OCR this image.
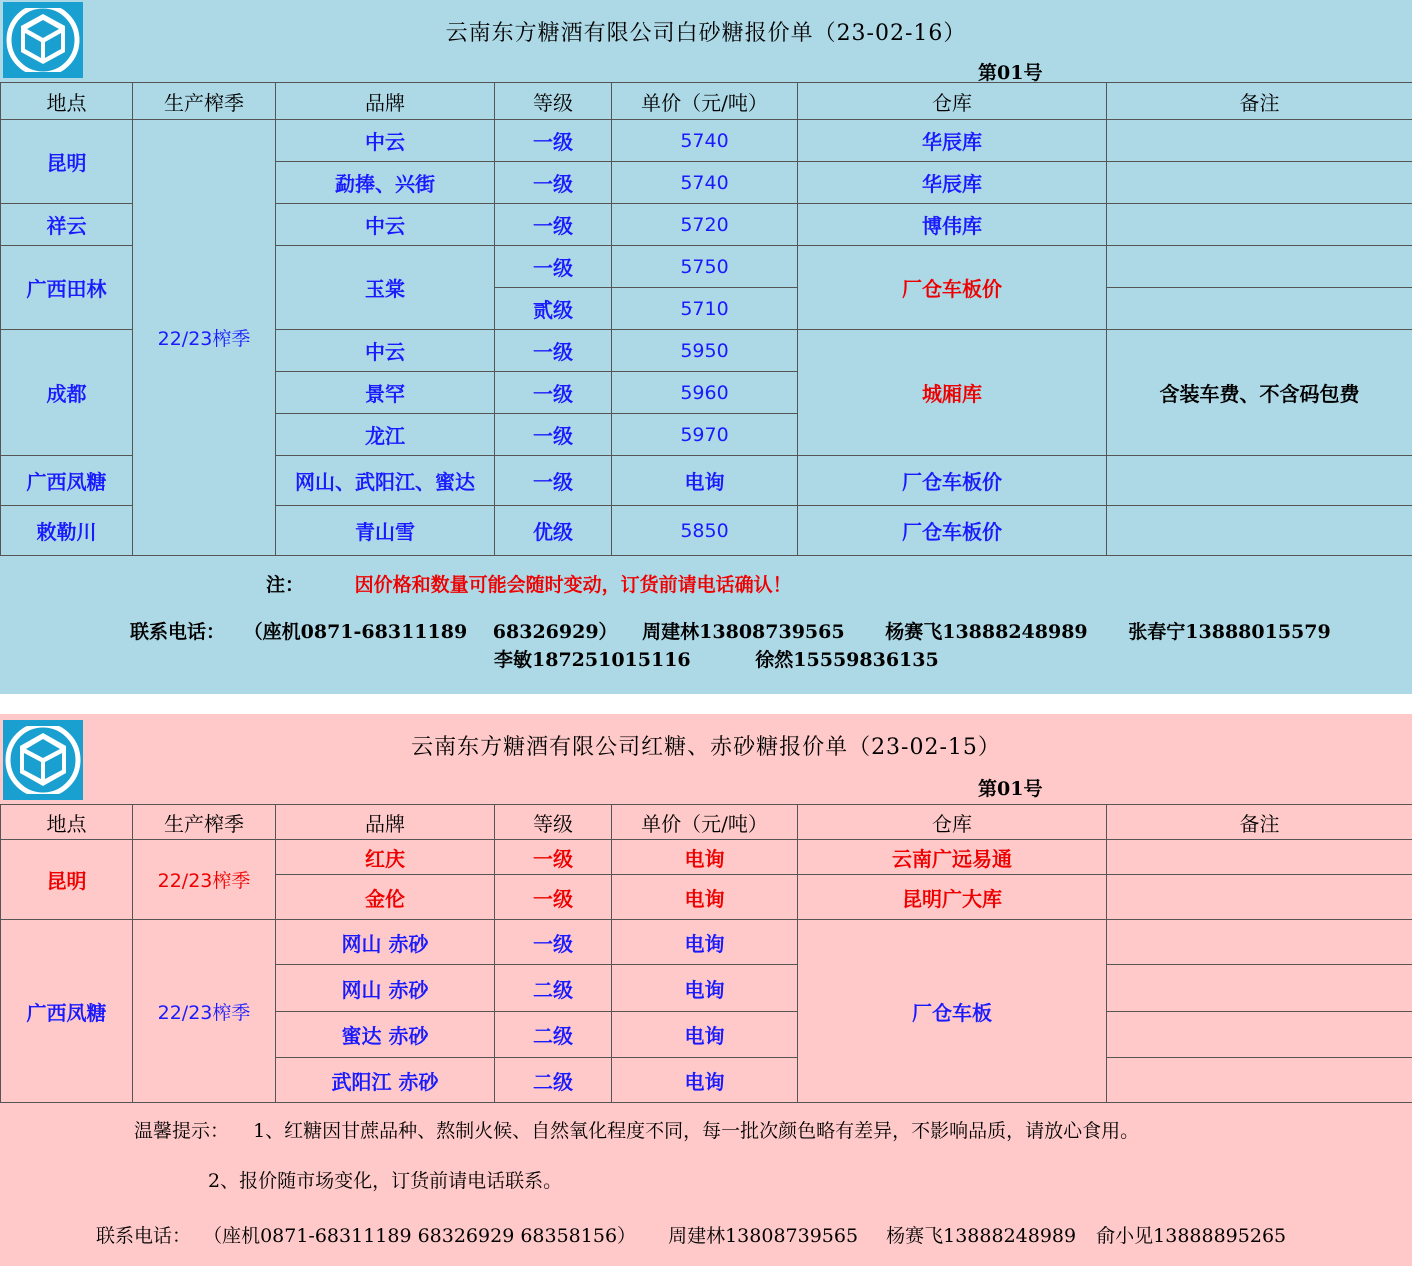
云南东方糖酒有限公司白砂糖报价单（23-02-16）
第01号
地点	生产榨季	品牌	等级	单价（元/吨）	仓库	备注
昆明	22/23榨季	中云	一级	5740	华辰库	
		勐捧、兴街	一级	5740	华辰库	
祥云		中云	一级	5720	博伟库	
广西田林		玉棠	一级	5750	厂仓车板价	
			贰级	5710		
成都		中云	一级	5950	城厢库	含装车费、不含码包费
		景罕	一级	5960		
		龙江	一级	5970		
广西凤糖		网山、武阳江、蜜达	一级	电询	厂仓车板价	
敕勒川		青山雪	优级	5850	厂仓车板价	
注：	因价格和数量可能会随时变动，订货前请电话确认！
联系电话： （座机0871-68311189　 68326929） 周建林13808739565 杨赛飞13888248989 张春宁13888015579
李敏187251015116	徐然15559836135
云南东方糖酒有限公司红糖、赤砂糖报价单（23-02-15）
第01号
地点	生产榨季	品牌	等级	单价（元/吨）	仓库	备注
昆明	22/23榨季	红庆	一级	电询	云南广远易通	
		金伦	一级	电询	昆明广大库	
广西凤糖	22/23榨季	网山 赤砂	一级	电询	厂仓车板	
		网山 赤砂	二级	电询		
		蜜达 赤砂	二级	电询		
		武阳江 赤砂	二级	电询		
温馨提示： 1、红糖因甘蔗品种、熬制火候、自然氧化程度不同，每一批次颜色略有差异，不影响品质，请放心食用。
2、报价随市场变化，订货前请电话联系。
联系电话： （座机0871-68311189 68326929 68358156） 周建林13808739565 杨赛飞13888248989 俞小见13888895265
